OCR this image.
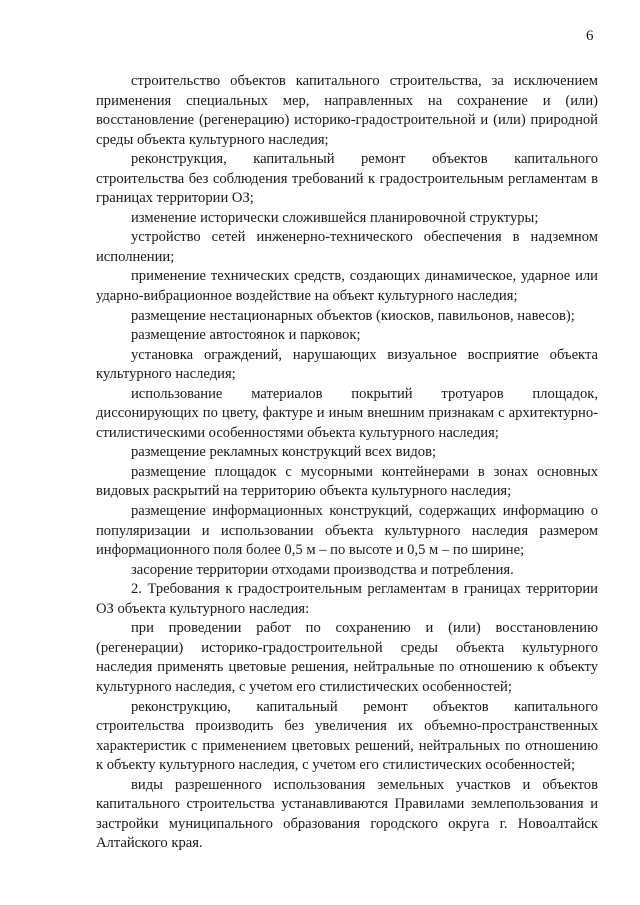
6

строительство объектов капитального строительства, за исключением применения специальных мер, направленных на сохранение и (или) восстановление (регенерацию) историко-градостроительной и (или) природной среды объекта культурного наследия;

реконструкция, капитальный ремонт объектов капитального строительства без соблюдения требований к градостроительным регламентам в границах территории ОЗ;

изменение исторически сложившейся планировочной структуры;

устройство сетей инженерно-технического обеспечения в надземном исполнении;

применение технических средств, создающих динамическое, ударное или ударно-вибрационное воздействие на объект культурного наследия;

размещение нестационарных объектов (киосков, павильонов, навесов);

размещение автостоянок и парковок;

установка ограждений, нарушающих визуальное восприятие объекта культурного наследия;

использование материалов покрытий тротуаров площадок, диссонирующих по цвету, фактуре и иным внешним признакам с архитектурно-стилистическими особенностями объекта культурного наследия;

размещение рекламных конструкций всех видов;

размещение площадок с мусорными контейнерами в зонах основных видовых раскрытий на территорию объекта культурного наследия;

размещение информационных конструкций, содержащих информацию о популяризации и использовании объекта культурного наследия размером информационного поля более 0,5 м – по высоте и 0,5 м – по ширине;

засорение территории отходами производства и потребления.

2. Требования к градостроительным регламентам в границах территории ОЗ объекта культурного наследия:

при проведении работ по сохранению и (или) восстановлению (регенерации) историко-градостроительной среды объекта культурного наследия применять цветовые решения, нейтральные по отношению к объекту культурного наследия, с учетом его стилистических особенностей;

реконструкцию, капитальный ремонт объектов капитального строительства производить без увеличения их объемно-пространственных характеристик с применением цветовых решений, нейтральных по отношению к объекту культурного наследия, с учетом его стилистических особенностей;

виды разрешенного использования земельных участков и объектов капитального строительства устанавливаются Правилами землепользования и застройки муниципального образования городского округа г. Новоалтайск Алтайского края.
